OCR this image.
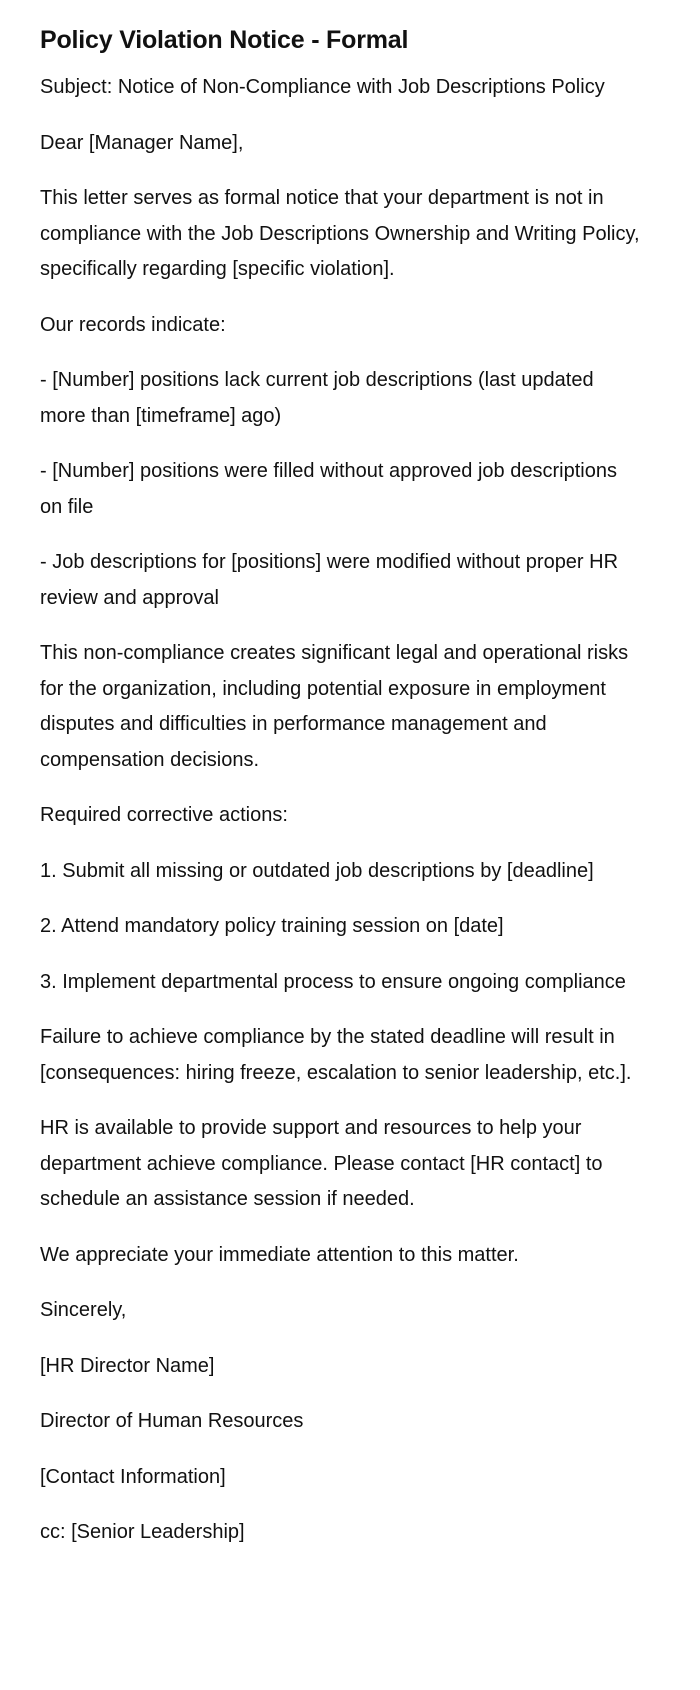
Policy Violation Notice - Formal

Subject: Notice of Non-Compliance with Job Descriptions Policy

Dear [Manager Name],

This letter serves as formal notice that your department is not in compliance with the Job Descriptions Ownership and Writing Policy, specifically regarding [specific violation].

Our records indicate:

- [Number] positions lack current job descriptions (last updated more than [timeframe] ago)

- [Number] positions were filled without approved job descriptions on file

- Job descriptions for [positions] were modified without proper HR review and approval

This non-compliance creates significant legal and operational risks for the organization, including potential exposure in employment disputes and difficulties in performance management and compensation decisions.

Required corrective actions:

1. Submit all missing or outdated job descriptions by [deadline]

2. Attend mandatory policy training session on [date]

3. Implement departmental process to ensure ongoing compliance

Failure to achieve compliance by the stated deadline will result in [consequences: hiring freeze, escalation to senior leadership, etc.].

HR is available to provide support and resources to help your department achieve compliance. Please contact [HR contact] to schedule an assistance session if needed.

We appreciate your immediate attention to this matter.

Sincerely,

[HR Director Name]

Director of Human Resources

[Contact Information]

cc: [Senior Leadership]
